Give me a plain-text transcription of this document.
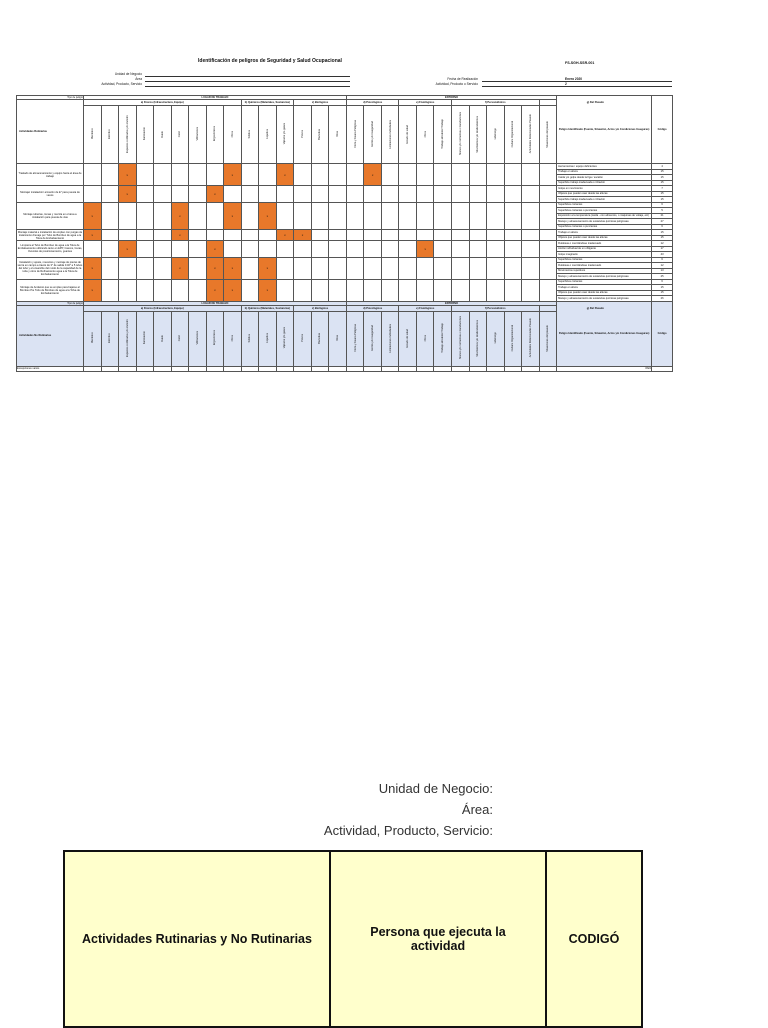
Identificación de peligros de Seguridad y Salud Ocupacional	FS-SGH-SSR-001
Unidad de Negocio
Área
Actividad, Producto, Servicio
Fecha de Realización
Actividad, Producto o Servicio
Enero 2020
2
Tipo de peligro	LUGAR DE TRABAJO															ENTORNO												Peligro Identificado (Fuente, Situación, Actos y/o Condiciones Inseguras)	Código
Actividades Rutinarias	a) Físicos (Infraestructura, Equipo)									b) Químicos (Materiales, Sustancias)			c) Biológicos			d) Psicológicos			e) Fisiológicos			f) Personal/otros					g) Del Pasado		
	Mecánico	Eléctrico	Espacios confinados y/o encierro	Iluminación	Ruido	Calor	Vibraciones	Ergonómicos	Otros	Sólidos	Líquidos	Vapores y/o gases	Polvos	Bacterias	Virus	Flora y Fauna Peligrosa	Estrés y/o inseguridad	Limitaciones individuales	Estado de salud	Otros	Trabajo alrededor Trabajo	Sismos y/o tormentas o inundaciones	Movimientos y/o deslizamientos	Liderazgo	Cultura Organizacional	Actividades Relacionadas Pasado	Situaciones del pasado		
Traslado de almacenamiento y equipo hacia el área de trabajo			x						x			x					x											Herramientas / equipo deficientes	4
																												Trabajo en altura	15
																												Caída y/o golpe desde la figa / escalón	15
																												Superficie trabajo inadecuada o irritación	15
Montaje/ instalación/ armazón de E° para puesta de vanos			x					x																				Golpe en movimiento	7
																												Objetos que pueden caer desde las alturas	15
																												Superficie trabajo inadecuada o irritación	15
Montaje tuberías, tomas y mezcla en el área a instalación para puesta de vias	x					x			x		x																	Superficies cortantes	6
																												Superficies cortantes o punzantes	5
																												Exposición a la temperatura (caída - con alimentos, o máquinas de voltaje, etc)	21
																												Manejo y almacenamiento de sustancias químicas peligrosas	27
																												Superficies cortantes o punzantes	6
Montaje material e instalación de empleo con purgas de tratamiento drenaje por Tubo de Bombeo de agua a la Tolva de Embalsamiento	x					x						x	x															Trabajo en altura	15
																												Objetos que pueden caer desde las alturas	15
Limpieza al Tubo de Bombeo de agua a la Tolva de Embalsamiento utilizando tanto en EPP, Cascos, Guías, Overoles de posicionamiento, guantes			x					x												x								Ruidosas o mezclándose inadecuado	12
																												Acción individual de un obligante	17
																												Golpe imaginario	43
Instalación y ajuste, muestreo y montaje de piezas de sierra en campo a través de 3° de salida 0.40° a 5 tubos del tubo y el ensamble del modo de la capacidad de la tuba y otros de Refinamiento agua a la Tolva de Embalsamiento	x					x		x	x		x																	Superficies cortantes	6
																												Ruidosas o mezclándose inadecuado	12
																												Movimientos repetitivos	13
																												Manejo y almacenamiento de sustancias químicas peligrosas	25
Montaje de Andamio que se empleo para bajarse al Bombeo Pie Tubo de Bombeo de agua a la Tolva de Embalsamiento	x							x	x		x																	Superficies cortantes	6
																												Trabajo en altura	15
																												Objetos que pueden caer desde las alturas	15
																												Manejo y almacenamiento de sustancias químicas peligrosas	26
Tipo de peligro	LUGAR DE TRABAJO															ENTORNO												Peligro Identificado (Fuente, Situación, Actos y/o Condiciones Inseguras)	Código
Actividades No Rutinarias	a) Físicos (Infraestructura, Equipo)									b) Químicos (Materiales, Sustancias)			c) Biológicos			d) Psicológicos			e) Fisiológicos			f) Personal/otros					g) Del Pasado		
	Mecánico	Eléctrico	Espacios confinados y/o encierro	Iluminación	Ruido	Calor	Vibraciones	Ergonómicos	Otros	Sólidos	Líquidos	Vapores y/o gases	Polvos	Bacterias	Virus	Flora y Fauna Peligrosa	Estrés y/o inseguridad	Limitaciones individuales	Estado de salud	Otros	Trabajo alrededor Trabajo	Sismos y/o tormentas o inundaciones	Movimientos y/o deslizamientos	Liderazgo	Cultura Organizacional	Actividades Relacionadas Pasado	Situaciones del pasado		
Excepciones varios																												#N/A	
Unidad de Negocio:
Área:
Actividad, Producto, Servicio:
Actividades Rutinarias y No Rutinarias	Persona que ejecuta la actividad	CODIGÓ
